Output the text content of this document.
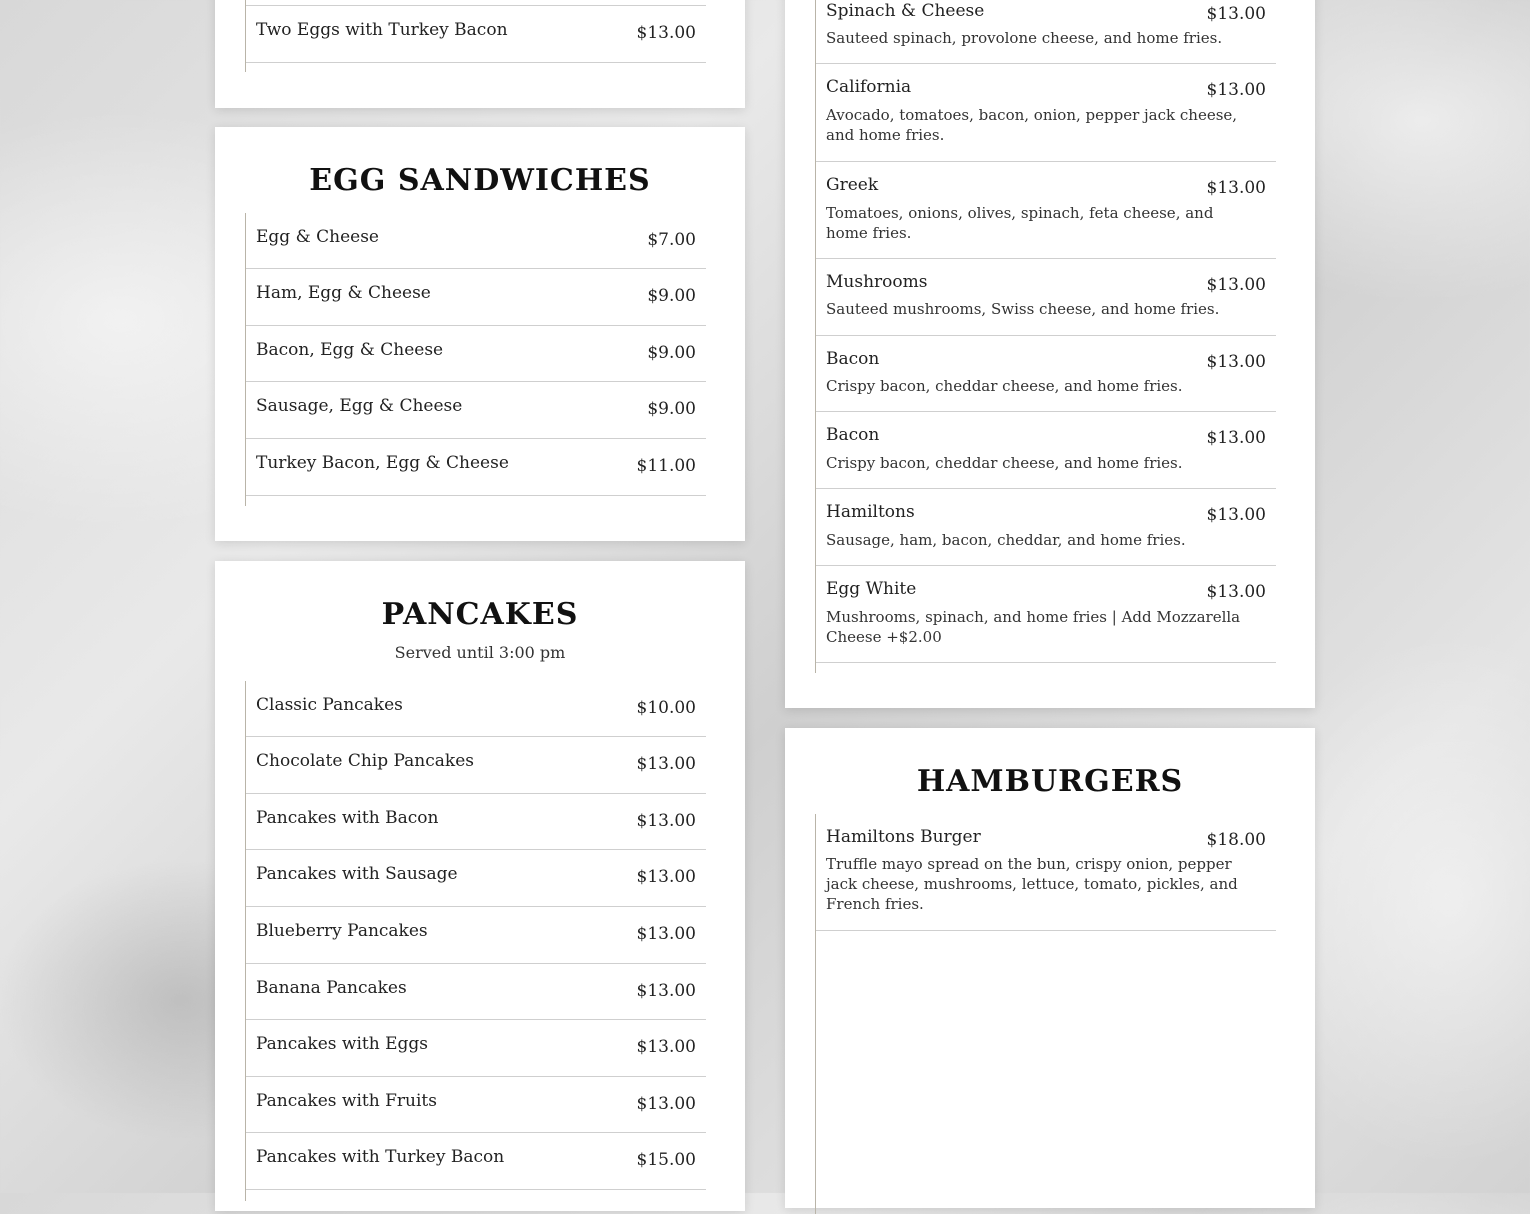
Two Eggs with Turkey Bacon	$13.00
EGG SANDWICHES
Egg & Cheese	$7.00
Ham, Egg & Cheese	$9.00
Bacon, Egg & Cheese	$9.00
Sausage, Egg & Cheese	$9.00
Turkey Bacon, Egg & Cheese	$11.00
PANCAKES
Served until 3:00 pm
Classic Pancakes	$10.00
Chocolate Chip Pancakes	$13.00
Pancakes with Bacon	$13.00
Pancakes with Sausage	$13.00
Blueberry Pancakes	$13.00
Banana Pancakes	$13.00
Pancakes with Eggs	$13.00
Pancakes with Fruits	$13.00
Pancakes with Turkey Bacon	$15.00
Spinach & Cheese	$13.00
Sauteed spinach, provolone cheese, and home fries.
California	$13.00
Avocado, tomatoes, bacon, onion, pepper jack cheese, and home fries.
Greek	$13.00
Tomatoes, onions, olives, spinach, feta cheese, and home fries.
Mushrooms	$13.00
Sauteed mushrooms, Swiss cheese, and home fries.
Bacon	$13.00
Crispy bacon, cheddar cheese, and home fries.
Bacon	$13.00
Crispy bacon, cheddar cheese, and home fries.
Hamiltons	$13.00
Sausage, ham, bacon, cheddar, and home fries.
Egg White	$13.00
Mushrooms, spinach, and home fries | Add Mozzarella Cheese +$2.00
HAMBURGERS
Hamiltons Burger	$18.00
Truffle mayo spread on the bun, crispy onion, pepper jack cheese, mushrooms, lettuce, tomato, pickles, and French fries.
